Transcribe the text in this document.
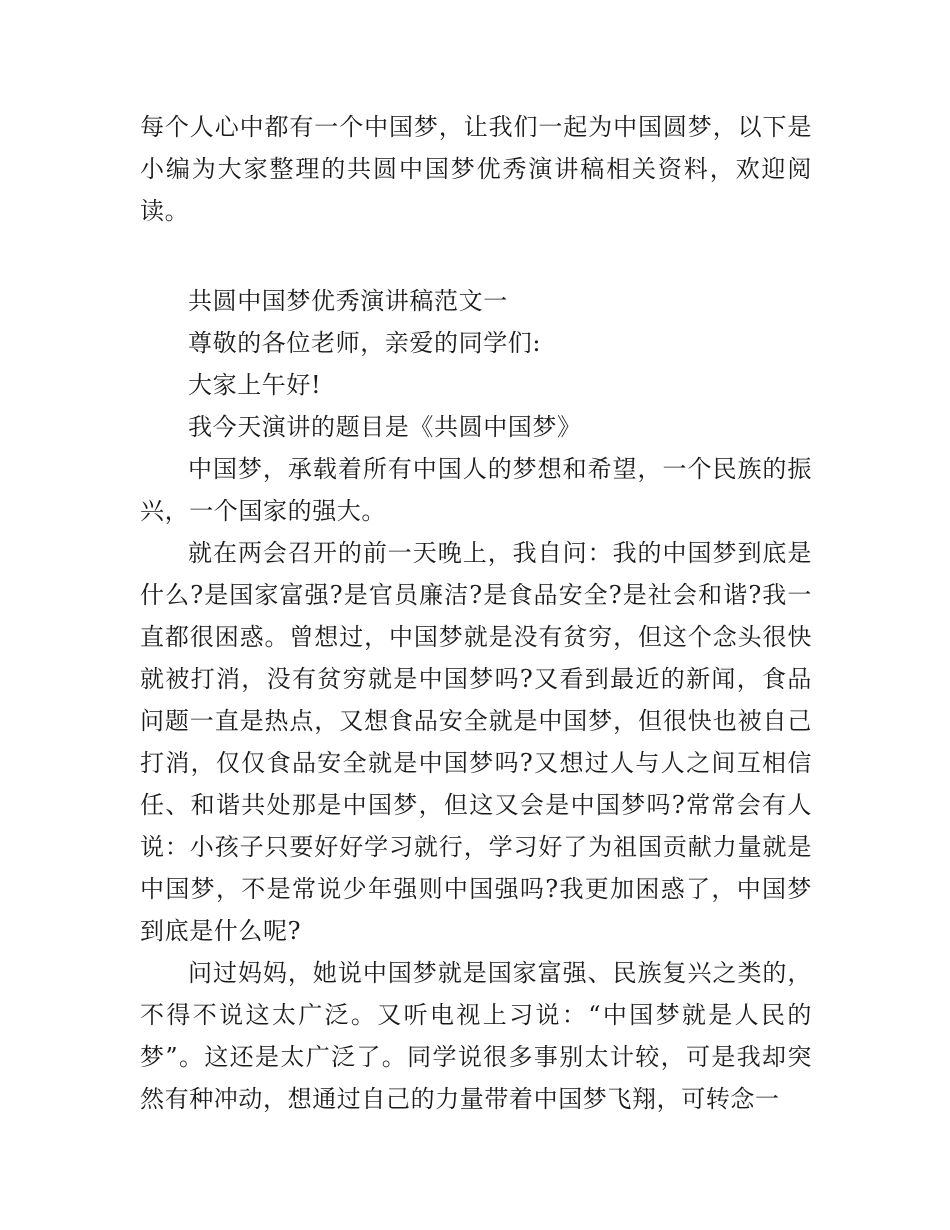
每个人心中都有一个中国梦，让我们一起为中国圆梦，以下是小编为大家整理的共圆中国梦优秀演讲稿相关资料，欢迎阅读。

共圆中国梦优秀演讲稿范文一

尊敬的各位老师，亲爱的同学们:

大家上午好!

我今天演讲的题目是《共圆中国梦》

中国梦，承载着所有中国人的梦想和希望，一个民族的振兴，一个国家的强大。

就在两会召开的前一天晚上，我自问：我的中国梦到底是什么?是国家富强?是官员廉洁?是食品安全?是社会和谐?我一直都很困惑。曾想过，中国梦就是没有贫穷，但这个念头很快就被打消，没有贫穷就是中国梦吗?又看到最近的新闻，食品问题一直是热点，又想食品安全就是中国梦，但很快也被自己打消，仅仅食品安全就是中国梦吗?又想过人与人之间互相信任、和谐共处那是中国梦，但这又会是中国梦吗?常常会有人说：小孩子只要好好学习就行，学习好了为祖国贡献力量就是中国梦，不是常说少年强则中国强吗?我更加困惑了，中国梦到底是什么呢?

问过妈妈，她说中国梦就是国家富强、民族复兴之类的，不得不说这太广泛。又听电视上习说：“中国梦就是人民的梦”。这还是太广泛了。同学说很多事别太计较，可是我却突然有种冲动，想通过自己的力量带着中国梦飞翔，可转念一
